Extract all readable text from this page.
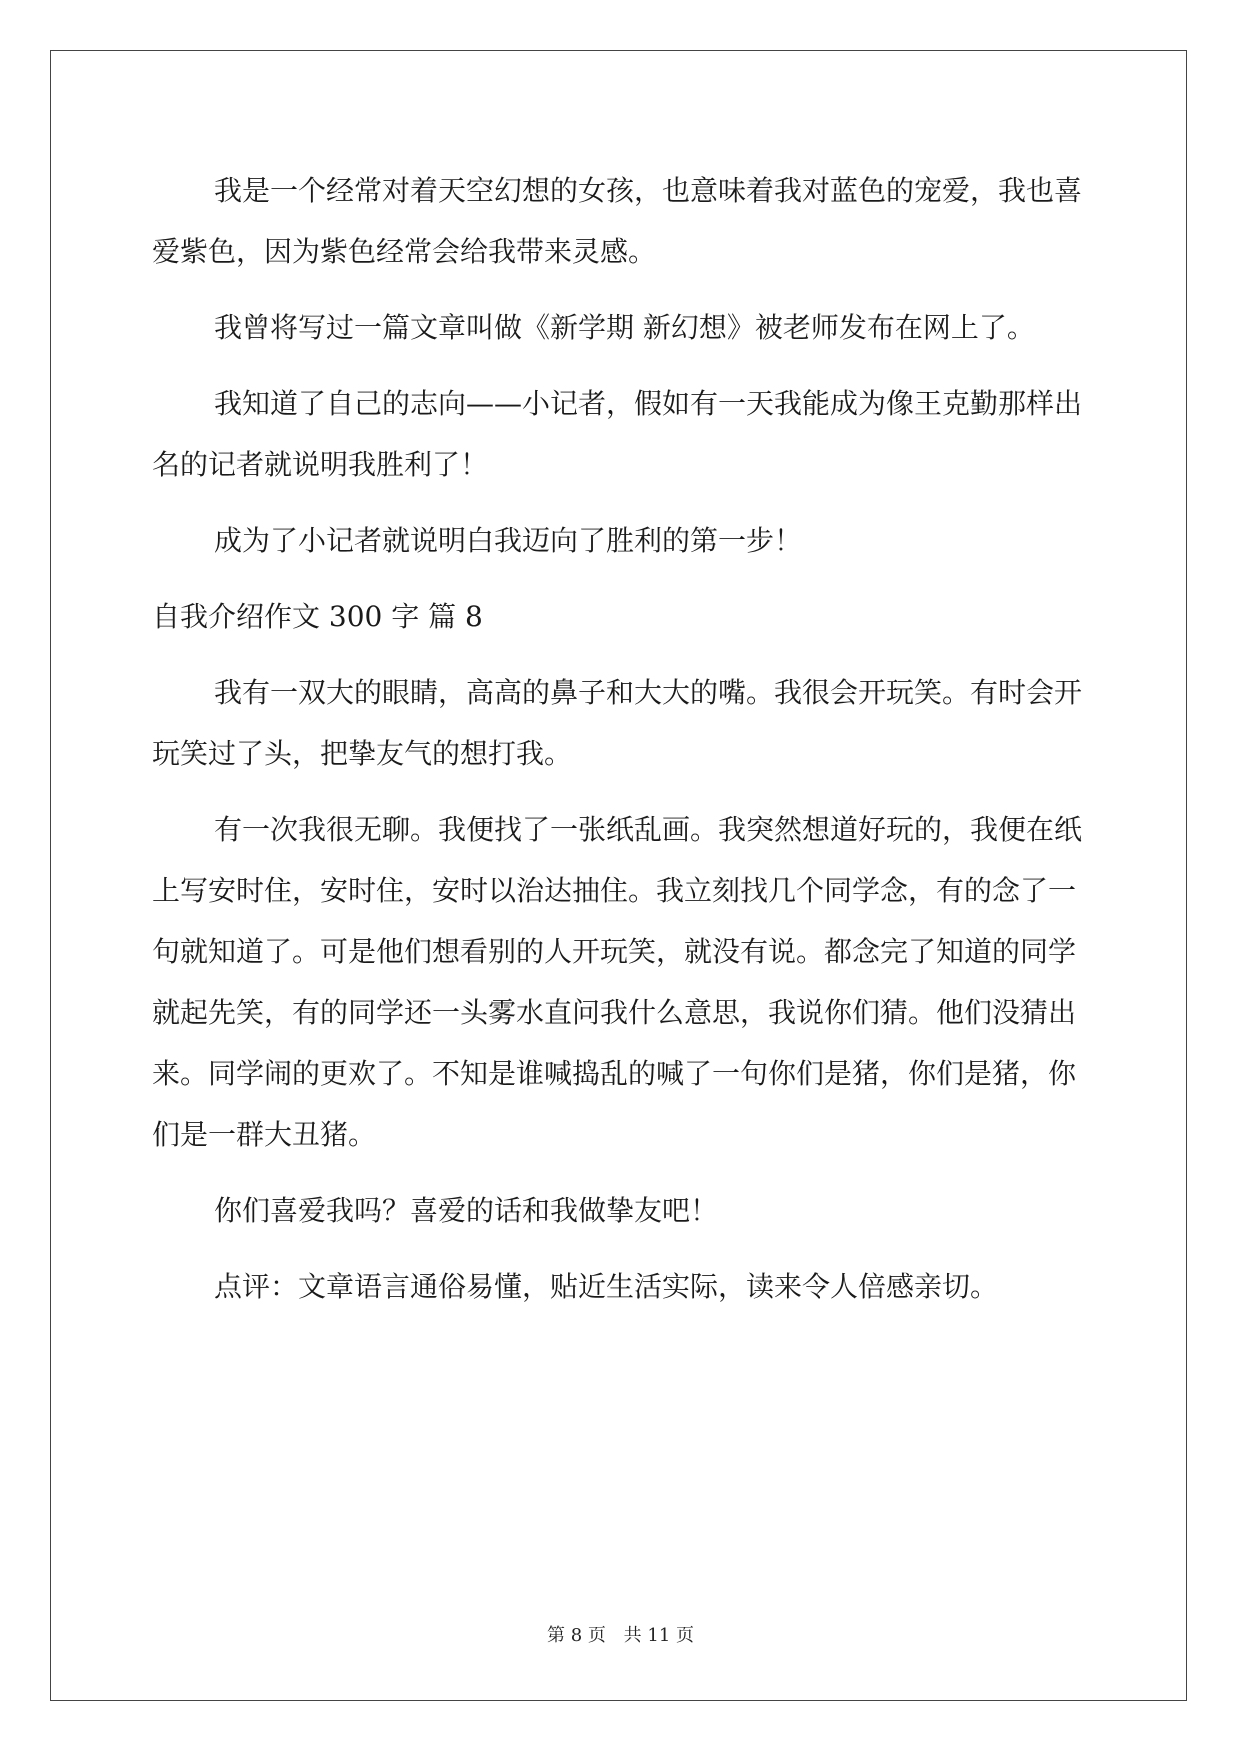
我是一个经常对着天空幻想的女孩，也意味着我对蓝色的宠爱，我也喜爱紫色，因为紫色经常会给我带来灵感。

我曾将写过一篇文章叫做《新学期 新幻想》被老师发布在网上了。

我知道了自己的志向——小记者，假如有一天我能成为像王克勤那样出名的记者就说明我胜利了！

成为了小记者就说明白我迈向了胜利的第一步！

自我介绍作文 300 字 篇 8

我有一双大的眼睛，高高的鼻子和大大的嘴。我很会开玩笑。有时会开玩笑过了头，把挚友气的想打我。

有一次我很无聊。我便找了一张纸乱画。我突然想道好玩的，我便在纸上写安时住，安时住，安时以治达抽住。我立刻找几个同学念，有的念了一句就知道了。可是他们想看别的人开玩笑，就没有说。都念完了知道的同学就起先笑，有的同学还一头雾水直问我什么意思，我说你们猜。他们没猜出来。同学闹的更欢了。不知是谁喊捣乱的喊了一句你们是猪，你们是猪，你们是一群大丑猪。

你们喜爱我吗？喜爱的话和我做挚友吧！

点评：文章语言通俗易懂，贴近生活实际，读来令人倍感亲切。

第 8 页 共 11 页
